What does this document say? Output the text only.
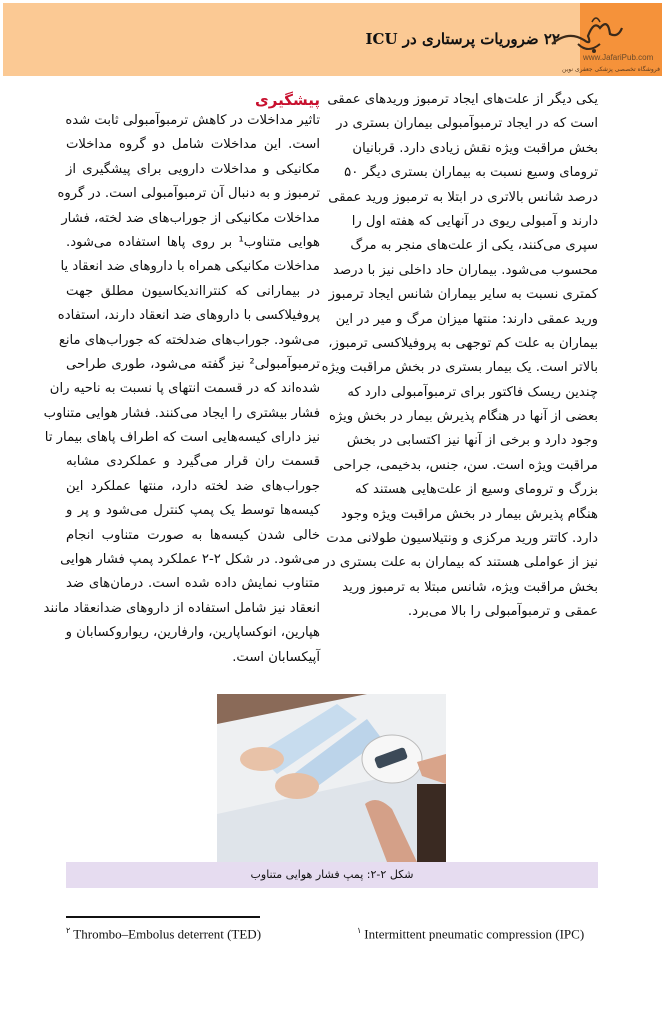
۲۲ ضروریات پرستاری در ICU
www.JafariPub.com
فروشگاه تخصصی پزشکی جعفری نوین
یکی دیگر از علت‌های ایجاد ترمبوز وریدهای عمقی
است که در ایجاد ترمبوآمبولی بیماران بستری در
بخش مراقبت ویژه نقش زیادی دارد. قربانیان
ترومای وسیع نسبت به بیماران بستری دیگر ۵۰
درصد شانس بالاتری در ابتلا به ترمبوز ورید عمقی
دارند و آمبولی ریوی در آنهایی که هفته اول را
سپری می‌کنند، یکی از علت‌های منجر به مرگ
محسوب می‌شود. بیماران حاد داخلی نیز با درصد
کمتری نسبت به سایر بیماران شانس ایجاد ترمبوز
ورید عمقی دارند: منتها میزان مرگ و میر در این
بیماران به علت کم توجهی به پروفیلاکسی ترمبوز،
بالاتر است. یک بیمار بستری در بخش مراقبت ویژه
چندین ریسک فاکتور برای ترمبوآمبولی دارد که
بعضی از آنها در هنگام پذیرش بیمار در بخش ویژه
وجود دارد و برخی از آنها نیز اکتسابی در بخش
مراقبت ویژه است. سن، جنس، بدخیمی، جراحی
بزرگ و ترومای وسیع از علت‌هایی هستند که
هنگام پذیرش بیمار در بخش مراقبت ویژه وجود
دارد. کاتتر ورید مرکزی و ونتیلاسیون طولانی مدت
نیز از عواملی هستند که بیماران به علت بستری در
بخش مراقبت ویژه، شانس مبتلا به ترمبوز ورید
عمقی و ترمبوآمبولی را بالا می‌برد.
پیشگیری
تاثیر مداخلات در کاهش ترمبوآمبولی ثابت شده
است. این مداخلات شامل دو گروه مداخلات
مکانیکی و مداخلات دارویی برای پیشگیری از
ترمبوز و به دنبال آن ترمبوآمبولی است. در گروه
مداخلات مکانیکی از جوراب‌های ضد لخته، فشار
هوایی متناوب¹ بر روی پاها استفاده می‌شود.
مداخلات مکانیکی همراه با داروهای ضد انعقاد یا
در بیمارانی که کنترااندیکاسیون مطلق جهت
پروفیلاکسی با داروهای ضد انعقاد دارند، استفاده
می‌شود. جوراب‌های ضدلخته که جوراب‌های مانع
ترمبوآمبولی² نیز گفته می‌شود، طوری طراحی
شده‌اند که در قسمت انتهای پا نسبت به ناحیه ران
فشار بیشتری را ایجاد می‌کنند. فشار هوایی متناوب
نیز دارای کیسه‌هایی است که اطراف پاهای بیمار تا
قسمت ران قرار می‌گیرد و عملکردی مشابه
جوراب‌های ضد لخته دارد، منتها عملکرد این
کیسه‌ها توسط یک پمپ کنترل می‌شود و پر و
خالی شدن کیسه‌ها به صورت متناوب انجام
می‌شود. در شکل ۲-۲ عملکرد پمپ فشار هوایی
متناوب نمایش داده شده است. درمان‌های ضد
انعقاد نیز شامل استفاده از داروهای ضدانعقاد مانند
هپارین، انوکساپارین، وارفارین، ریواروکسابان و
آپیکسابان است.
شکل ۲-۲: پمپ فشار هوایی متناوب
$^۲$ Thrombo–Embolus deterrent (TED)	$^۱$ Intermittent pneumatic compression (IPC)
